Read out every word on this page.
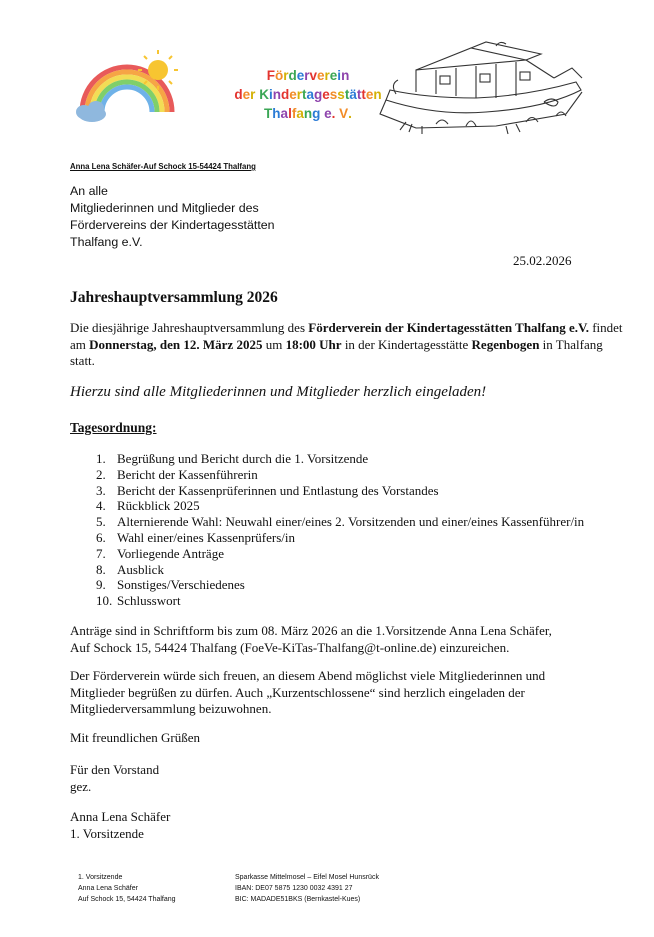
Förderverein
der Kindertagesstätten
Thalfang e. V.
Anna Lena Schäfer-Auf Schock 15-54424 Thalfang
An alle
Mitgliederinnen und Mitglieder des
Fördervereins der Kindertagesstätten
Thalfang e.V.
25.02.2026
Jahreshauptversammlung 2026
Die diesjährige Jahreshauptversammlung des Förderverein der Kindertagesstätten Thalfang e.V. findet am Donnerstag, den 12. März 2025 um 18:00 Uhr in der Kindertagesstätte Regenbogen in Thalfang statt.
Hierzu sind alle Mitgliederinnen und Mitglieder herzlich eingeladen!
Tagesordnung:
1. Begrüßung und Bericht durch die 1. Vorsitzende
2. Bericht der Kassenführerin
3. Bericht der Kassenprüferinnen und Entlastung des Vorstandes
4. Rückblick 2025
5. Alternierende Wahl: Neuwahl einer/eines 2. Vorsitzenden und einer/eines Kassenführer/in
6. Wahl einer/eines Kassenprüfers/in
7. Vorliegende Anträge
8. Ausblick
9. Sonstiges/Verschiedenes
10. Schlusswort
Anträge sind in Schriftform bis zum 08. März 2026 an die 1.Vorsitzende Anna Lena Schäfer,
Auf Schock 15, 54424 Thalfang (FoeVe-KiTas-Thalfang@t-online.de) einzureichen.
Der Förderverein würde sich freuen, an diesem Abend möglichst viele Mitgliederinnen und
Mitglieder begrüßen zu dürfen. Auch „Kurzentschlossene“ sind herzlich eingeladen der
Mitgliederversammlung beizuwohnen.
Mit freundlichen Grüßen
Für den Vorstand
gez.
Anna Lena Schäfer
1. Vorsitzende
1. Vorsitzende
Anna Lena Schäfer
Auf Schock 15, 54424 Thalfang
Sparkasse Mittelmosel – Eifel Mosel Hunsrück
IBAN: DE07 5875 1230 0032 4391 27
BIC: MADADE51BKS (Bernkastel-Kues)
